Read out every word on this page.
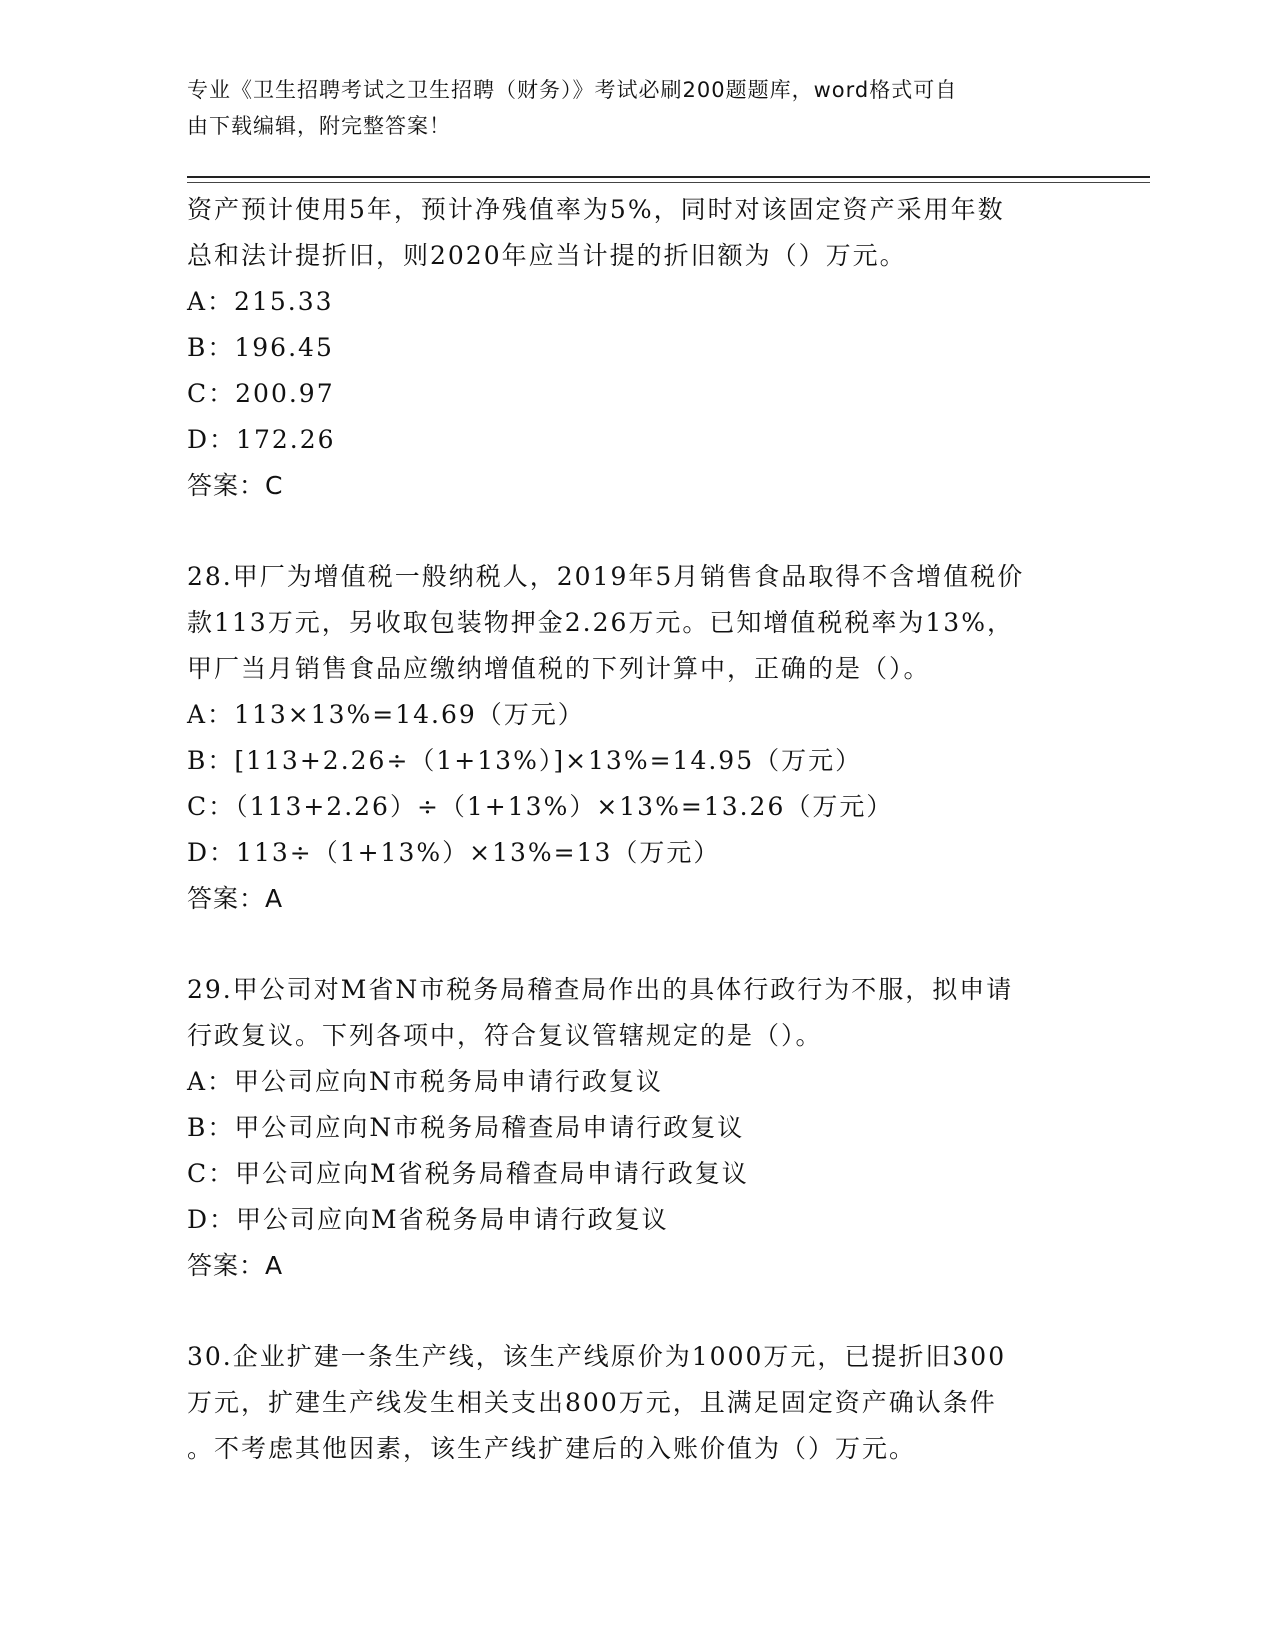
专业《卫生招聘考试之卫生招聘（财务）》考试必刷200题题库，word格式可自
由下载编辑，附完整答案！
资产预计使用5年，预计净残值率为5%，同时对该固定资产采用年数
总和法计提折旧，则2020年应当计提的折旧额为（）万元。
A：215.33
B：196.45
C：200.97
D：172.26
答案：C
28.甲厂为增值税一般纳税人，2019年5月销售食品取得不含增值税价
款113万元，另收取包装物押金2.26万元。已知增值税税率为13%，
甲厂当月销售食品应缴纳增值税的下列计算中，正确的是（）。
A：113×13%=14.69（万元）
B：[113+2.26÷（1+13%）]×13%=14.95（万元）
C：（113+2.26）÷（1+13%）×13%=13.26（万元）
D：113÷（1+13%）×13%=13（万元）
答案：A
29.甲公司对M省N市税务局稽查局作出的具体行政行为不服，拟申请
行政复议。下列各项中，符合复议管辖规定的是（）。
A：甲公司应向N市税务局申请行政复议
B：甲公司应向N市税务局稽查局申请行政复议
C：甲公司应向M省税务局稽查局申请行政复议
D：甲公司应向M省税务局申请行政复议
答案：A
30.企业扩建一条生产线，该生产线原价为1000万元，已提折旧300
万元，扩建生产线发生相关支出800万元，且满足固定资产确认条件
。不考虑其他因素，该生产线扩建后的入账价值为（）万元。
